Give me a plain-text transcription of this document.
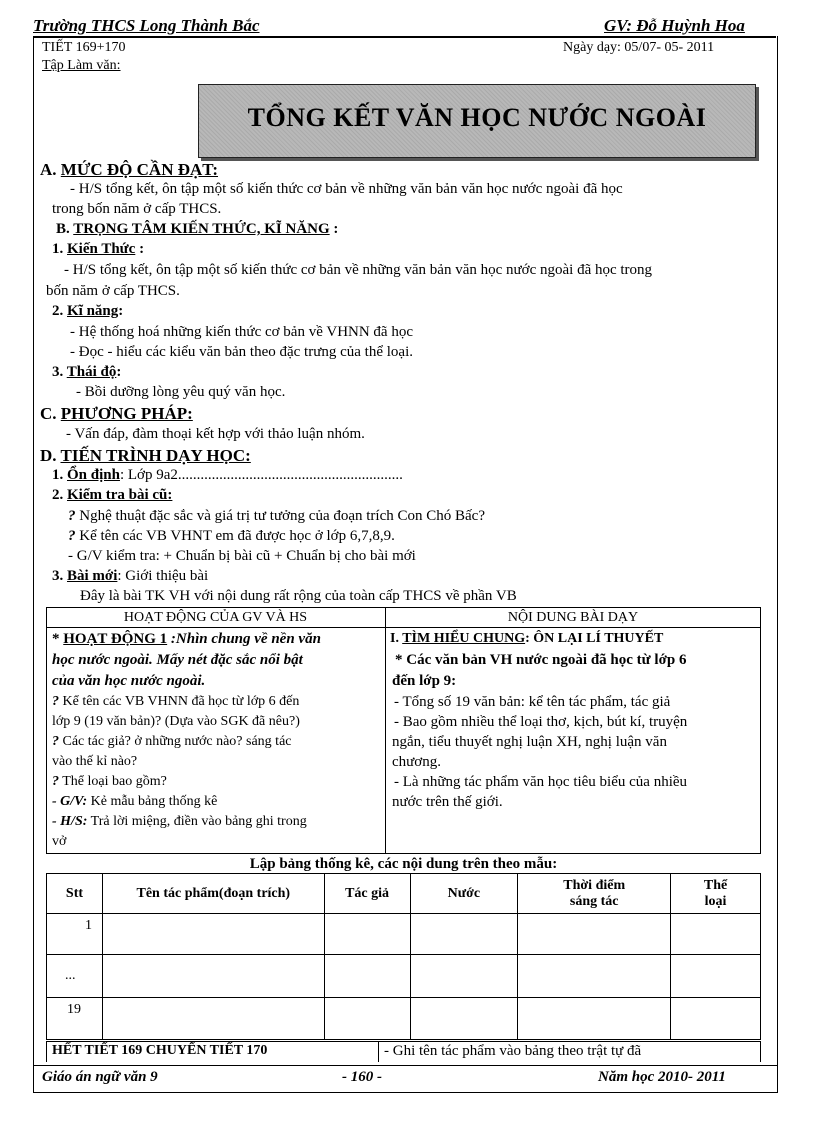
Trường THCS Long Thành Bắc	GV: Đỗ Huỳnh Hoa
TIẾT 169+170	Ngày dạy: 05/07- 05- 2011
Tập Làm văn:
TỔNG KẾT VĂN HỌC NƯỚC NGOÀI
A. MỨC ĐỘ CẦN ĐẠT:
- H/S tổng kết, ôn tập một số kiến thức cơ bản về những văn bản văn học nước ngoài đã học
trong bốn năm ở cấp THCS.
B. TRỌNG TÂM KIẾN THỨC, KĨ NĂNG :
1. Kiến Thức :
- H/S tổng kết, ôn tập một số kiến thức cơ bản về những văn bản văn học nước ngoài đã học trong
bốn năm ở cấp THCS.
2. Kĩ năng:
- Hệ thống hoá những kiến thức cơ bản về VHNN đã học
- Đọc - hiểu các kiểu văn bản theo đặc trưng của thể loại.
3. Thái độ:
- Bồi dưỡng lòng yêu quý văn học.
C. PHƯƠNG PHÁP:
- Vấn đáp, đàm thoại kết hợp với thảo luận nhóm.
D. TIẾN TRÌNH DẠY HỌC:
1. Ổn định: Lớp 9a2............................................................
2. Kiểm tra bài cũ:
? Nghệ thuật đặc sắc và giá trị tư tưởng của đoạn trích Con Chó Bấc?
? Kể tên các VB VHNT em đã được học ở lớp 6,7,8,9.
- G/V kiểm tra: + Chuẩn bị bài cũ + Chuẩn bị cho bài mới
3. Bài mới: Giới thiệu bài
Đây là bài TK VH với nội dung rất rộng của toàn cấp THCS về phần VB
HOẠT ĐỘNG CỦA GV VÀ HS	NỘI DUNG BÀI DẠY
* HOẠT ĐỘNG 1 :Nhìn chung về nền văn
học nước ngoài. Mấy nét đặc sắc nổi bật
của văn học nước ngoài.
? Kể tên các VB VHNN đã học từ lớp 6 đến
lớp 9 (19 văn bản)? (Dựa vào SGK đã nêu?)
? Các tác giả? ở những nước nào? sáng tác
vào thế kỉ nào?
? Thể loại bao gồm?
- G/V: Kẻ mẫu bảng thống kê
- H/S: Trả lời miệng, điền vào bảng ghi trong
vở
I. TÌM HIỂU CHUNG: ÔN LẠI LÍ THUYẾT
* Các văn bản VH nước ngoài đã học từ lớp 6
đến lớp 9:
- Tổng số 19 văn bản: kể tên tác phẩm, tác giả
- Bao gồm nhiều thể loại thơ, kịch, bút kí, truyện
ngắn, tiểu thuyết nghị luận XH, nghị luận văn
chương.
- Là những tác phẩm văn học tiêu biểu của nhiều
nước trên thế giới.
Lập bảng thống kê, các nội dung trên theo mẫu:
Stt	Tên tác phẩm(đoạn trích)	Tác giả	Nước	Thời điểm
sáng tác	Thể
loại
1					
...					
19					
HẾT TIẾT 169 CHUYỂN TIẾT 170	- Ghi tên tác phẩm vào bảng theo trật tự đã
Giáo án ngữ văn 9	- 160 -	Năm học 2010- 2011
